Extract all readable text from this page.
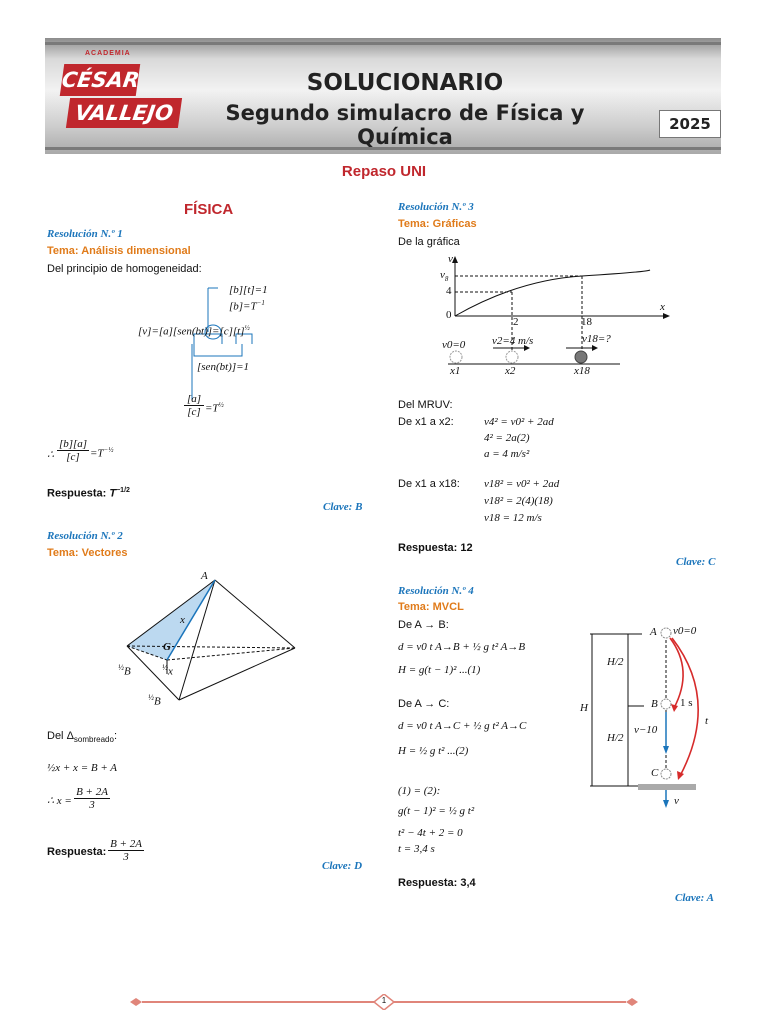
ACADEMIA
CÉSAR
VALLEJO
SOLUCIONARIO
Segundo simulacro de Física y Química
2025
Repaso UNI
FÍSICA
Resolución N.º 1
Tema: Análisis dimensional
Del principio de homogeneidad:
[b][t]=1
$[b]=T^{-1}$
$[v]=[a][sen(bt)]=[c][t]^{\frac{1}{2}}$
[sen(bt)]=1
$\frac{[a]}{[c]} =T^{\frac{1}{2}}$
∴ $\frac{[b][a]}{[c]} =T^{-\frac{1}{2}}$
Respuesta: $T^{-1/2}$
Clave: B
Resolución N.º 2
Tema: Vectores
A
x
G
$^{\frac{1}{2}}$B	$^{\frac{1}{2}}$x
$^{\frac{1}{2}}$B
Del $\Delta_{sombreado}$:
½x + x = B + A
∴ $x = \frac{B + 2A}{3}$
Respuesta: $\frac{B + 2A}{3}$
Clave: D
Resolución N.º 3
Tema: Gráficas
De la gráfica
v
x
$v_8$
4
0
2	18
v0=0 v2=4 m/s	v18=?
x1	x2	x18
Del MRUV:
De x1 a x2:	v4² = v0² + 2ad
4² = 2a(2)
a = 4 m/s²
De x1 a x18: v18² = v0² + 2ad
v18² = 2(4)(18)
v18 = 12 m/s
Respuesta: 12
Clave: C
Resolución N.º 4
Tema: MVCL
De A → B:
d = v0 t A→B + ½ g t² A→B
H = g(t − 1)² ...(1)
De A → C:
d = v0 t A→C + ½ g t² A→C
H = ½ g t² ...(2)
(1) = (2):
g(t − 1)² = ½ g t²
t² − 4t + 2 = 0
t = 3,4 s
Respuesta: 3,4
Clave: A
A v0=0
H/2
H/2
H	B 1 s
v−10
t
C
v
1
